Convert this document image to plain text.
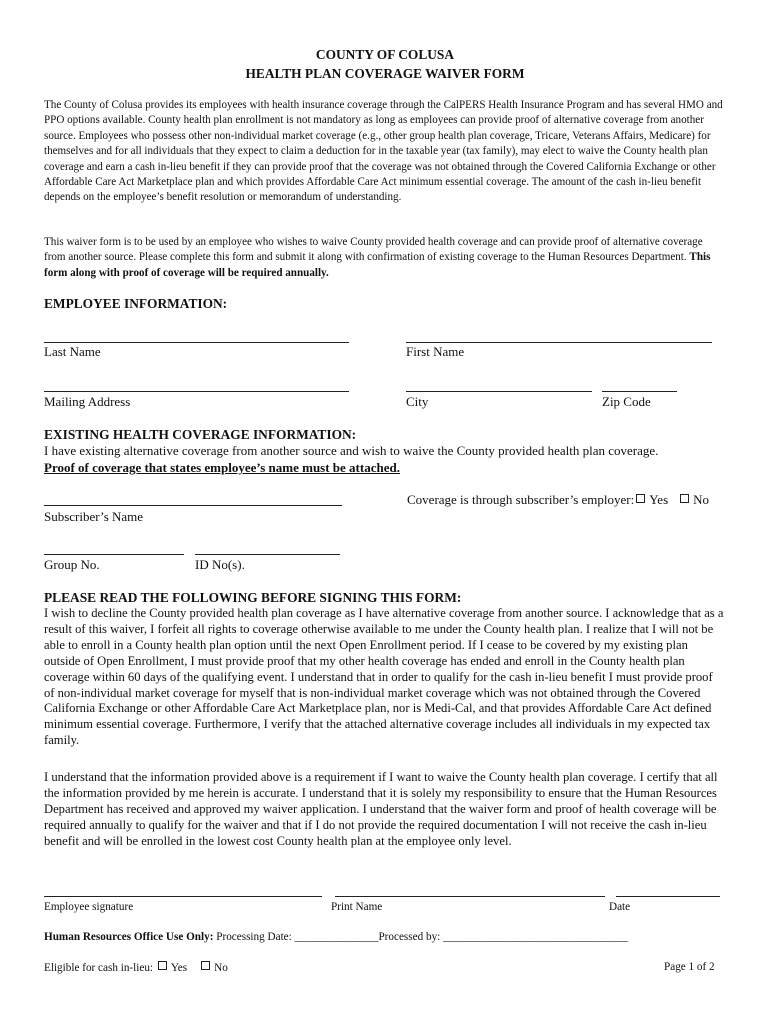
COUNTY OF COLUSA
HEALTH PLAN COVERAGE WAIVER FORM
The County of Colusa provides its employees with health insurance coverage through the CalPERS Health Insurance Program and has several HMO and PPO options available. County health plan enrollment is not mandatory as long as employees can provide proof of alternative coverage from another source. Employees who possess other non-individual market coverage (e.g., other group health plan coverage, Tricare, Veterans Affairs, Medicare) for themselves and for all individuals that they expect to claim a deduction for in the taxable year (tax family), may elect to waive the County health plan coverage and earn a cash in-lieu benefit if they can provide proof that the coverage was not obtained through the Covered California Exchange or other Affordable Care Act Marketplace plan and which provides Affordable Care Act minimum essential coverage. The amount of the cash in-lieu benefit depends on the employee’s benefit resolution or memorandum of understanding.
This waiver form is to be used by an employee who wishes to waive County provided health coverage and can provide proof of alternative coverage from another source. Please complete this form and submit it along with confirmation of existing coverage to the Human Resources Department. This form along with proof of coverage will be required annually.
EMPLOYEE INFORMATION:
Last Name	First Name
Mailing Address	City	Zip Code
EXISTING HEALTH COVERAGE INFORMATION:
I have existing alternative coverage from another source and wish to waive the County provided health plan coverage.
Proof of coverage that states employee’s name must be attached.
Subscriber’s Name
Coverage is through subscriber’s employer: Yes No
Group No.	ID No(s).
PLEASE READ THE FOLLOWING BEFORE SIGNING THIS FORM:
I wish to decline the County provided health plan coverage as I have alternative coverage from another source. I acknowledge that as a result of this waiver, I forfeit all rights to coverage otherwise available to me under the County health plan. I realize that I will not be able to enroll in a County health plan option until the next Open Enrollment period. If I cease to be covered by my existing plan outside of Open Enrollment, I must provide proof that my other health coverage has ended and enroll in the County health plan coverage within 60 days of the qualifying event. I understand that in order to qualify for the cash in-lieu benefit I must provide proof of non-individual market coverage for myself that is non-individual market coverage which was not obtained through the Covered California Exchange or other Affordable Care Act Marketplace plan, nor is Medi-Cal, and that provides Affordable Care Act defined minimum essential coverage. Furthermore, I verify that the attached alternative coverage includes all individuals in my expected tax family.
I understand that the information provided above is a requirement if I want to waive the County health plan coverage. I certify that all the information provided by me herein is accurate. I understand that it is solely my responsibility to ensure that the Human Resources Department has received and approved my waiver application. I understand that the waiver form and proof of health coverage will be required annually to qualify for the waiver and that if I do not provide the required documentation I will not receive the cash in-lieu benefit and will be enrolled in the lowest cost County health plan at the employee only level.
Employee signature	Print Name	Date
Human Resources Office Use Only: Processing Date: _______________Processed by: _________________________________
Eligible for cash in-lieu: Yes No	Page 1 of 2
